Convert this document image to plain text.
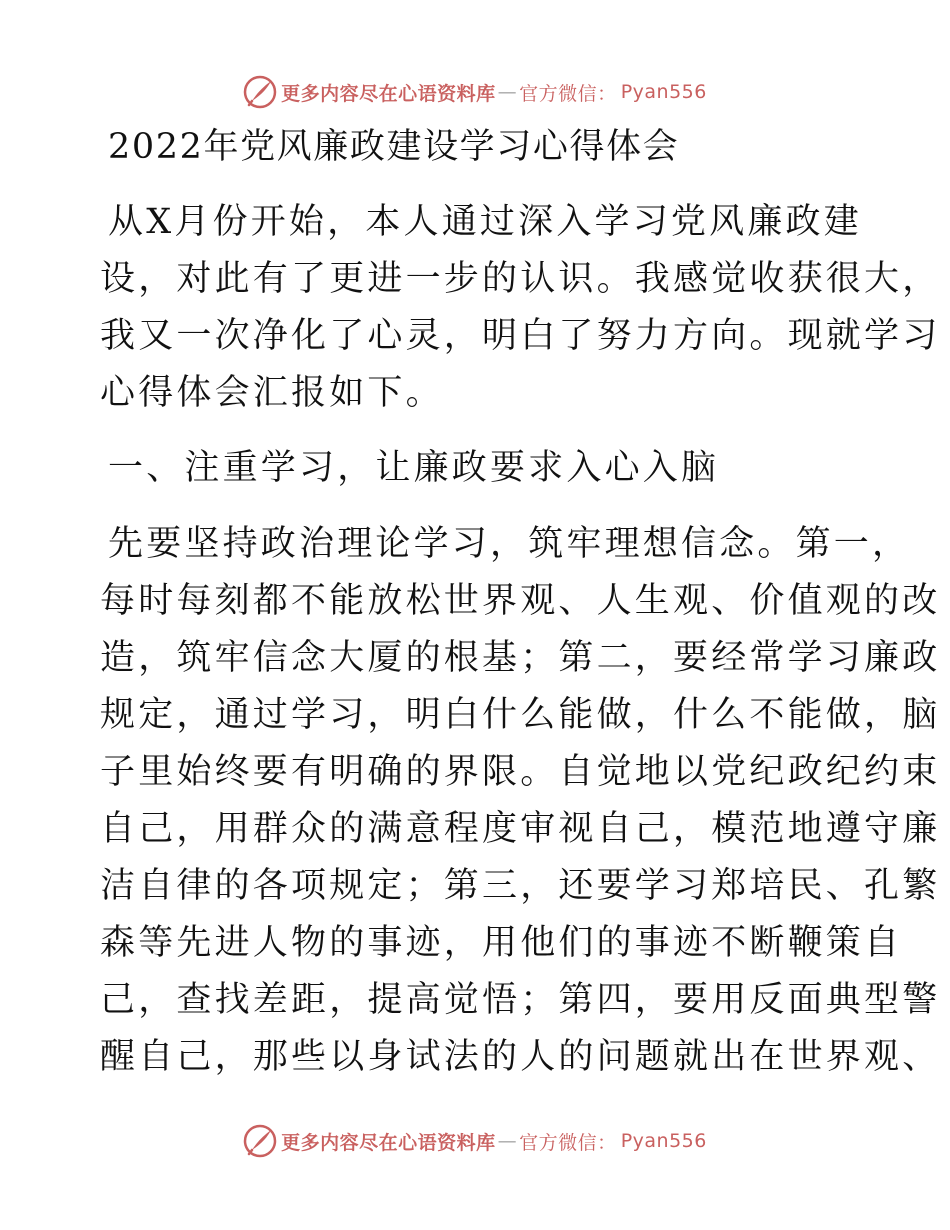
更多内容尽在心语资料库 — 官方微信： Pyan556
2022年党风廉政建设学习心得体会
从X月份开始，本人通过深入学习党风廉政建
设，对此有了更进一步的认识。我感觉收获很大，
我又一次净化了心灵，明白了努力方向。现就学习
心得体会汇报如下。
一、注重学习，让廉政要求入心入脑
先要坚持政治理论学习，筑牢理想信念。第一，
每时每刻都不能放松世界观、人生观、价值观的改
造，筑牢信念大厦的根基；第二，要经常学习廉政
规定，通过学习，明白什么能做，什么不能做，脑
子里始终要有明确的界限。自觉地以党纪政纪约束
自己，用群众的满意程度审视自己，模范地遵守廉
洁自律的各项规定；第三，还要学习郑培民、孔繁
森等先进人物的事迹，用他们的事迹不断鞭策自
己，查找差距，提高觉悟；第四，要用反面典型警
醒自己，那些以身试法的人的问题就出在世界观、
更多内容尽在心语资料库 — 官方微信： Pyan556
